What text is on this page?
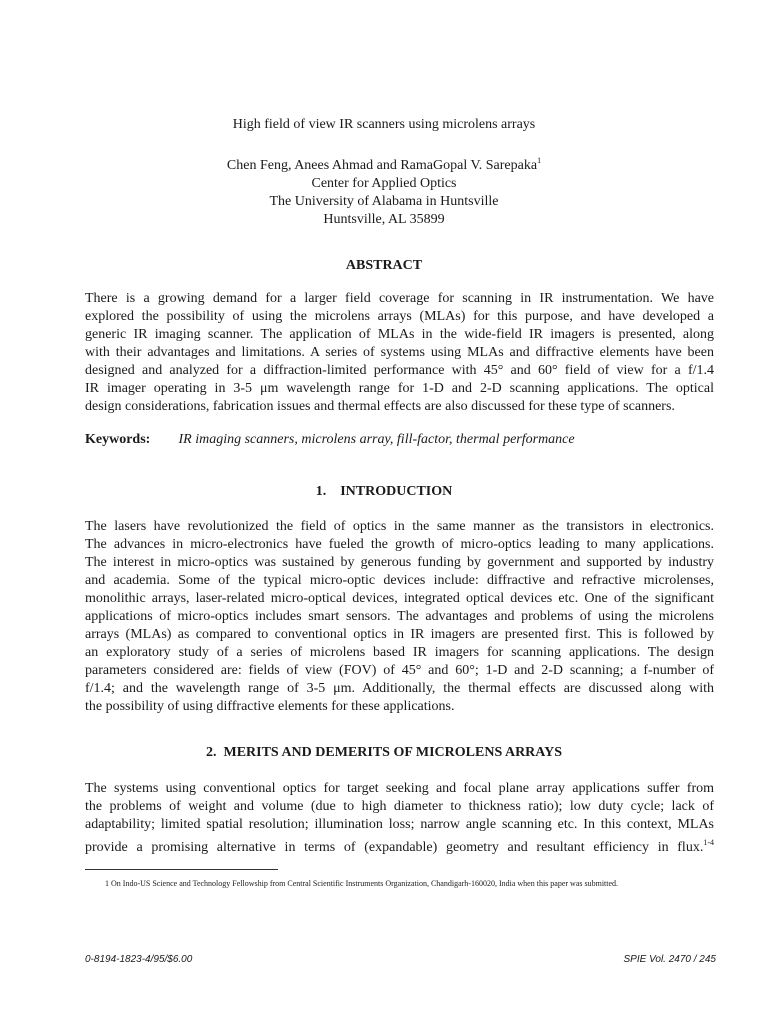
High field of view IR scanners using microlens arrays
Chen Feng, Anees Ahmad and RamaGopal V. Sarepaka$^1$
Center for Applied Optics
The University of Alabama in Huntsville
Huntsville, AL 35899
ABSTRACT
There is a growing demand for a larger field coverage for scanning in IR instrumentation. We have
explored the possibility of using the microlens arrays (MLAs) for this purpose, and have developed a
generic IR imaging scanner. The application of MLAs in the wide-field IR imagers is presented, along
with their advantages and limitations. A series of systems using MLAs and diffractive elements have been
designed and analyzed for a diffraction-limited performance with 45° and 60° field of view for a f/1.4
IR imager operating in 3-5 μm wavelength range for 1-D and 2-D scanning applications. The optical
design considerations, fabrication issues and thermal effects are also discussed for these type of scanners.
Keywords: IR imaging scanners, microlens array, fill-factor, thermal performance
1.    INTRODUCTION
The lasers have revolutionized the field of optics in the same manner as the transistors in electronics.
The advances in micro-electronics have fueled the growth of micro-optics leading to many applications.
The interest in micro-optics was sustained by generous funding by government and supported by industry
and academia. Some of the typical micro-optic devices include: diffractive and refractive microlenses,
monolithic arrays, laser-related micro-optical devices, integrated optical devices etc. One of the significant
applications of micro-optics includes smart sensors. The advantages and problems of using the microlens
arrays (MLAs) as compared to conventional optics in IR imagers are presented first. This is followed by
an exploratory study of a series of microlens based IR imagers for scanning applications. The design
parameters considered are: fields of view (FOV) of 45° and 60°; 1-D and 2-D scanning; a f-number of
f/1.4; and the wavelength range of 3-5 μm. Additionally, the thermal effects are discussed along with
the possibility of using diffractive elements for these applications.
2.  MERITS AND DEMERITS OF MICROLENS ARRAYS
The systems using conventional optics for target seeking and focal plane array applications suffer from
the problems of weight and volume (due to high diameter to thickness ratio); low duty cycle; lack of
adaptability; limited spatial resolution; illumination loss; narrow angle scanning etc. In this context, MLAs
provide a promising alternative in terms of (expandable) geometry and resultant efficiency in flux.$^{1-4}$
1 On Indo-US Science and Technology Fellowship from Central Scientific Instruments Organization, Chandigarh-160020, India when this paper was submitted.
0-8194-1823-4/95/$6.00	SPIE Vol. 2470 / 245
